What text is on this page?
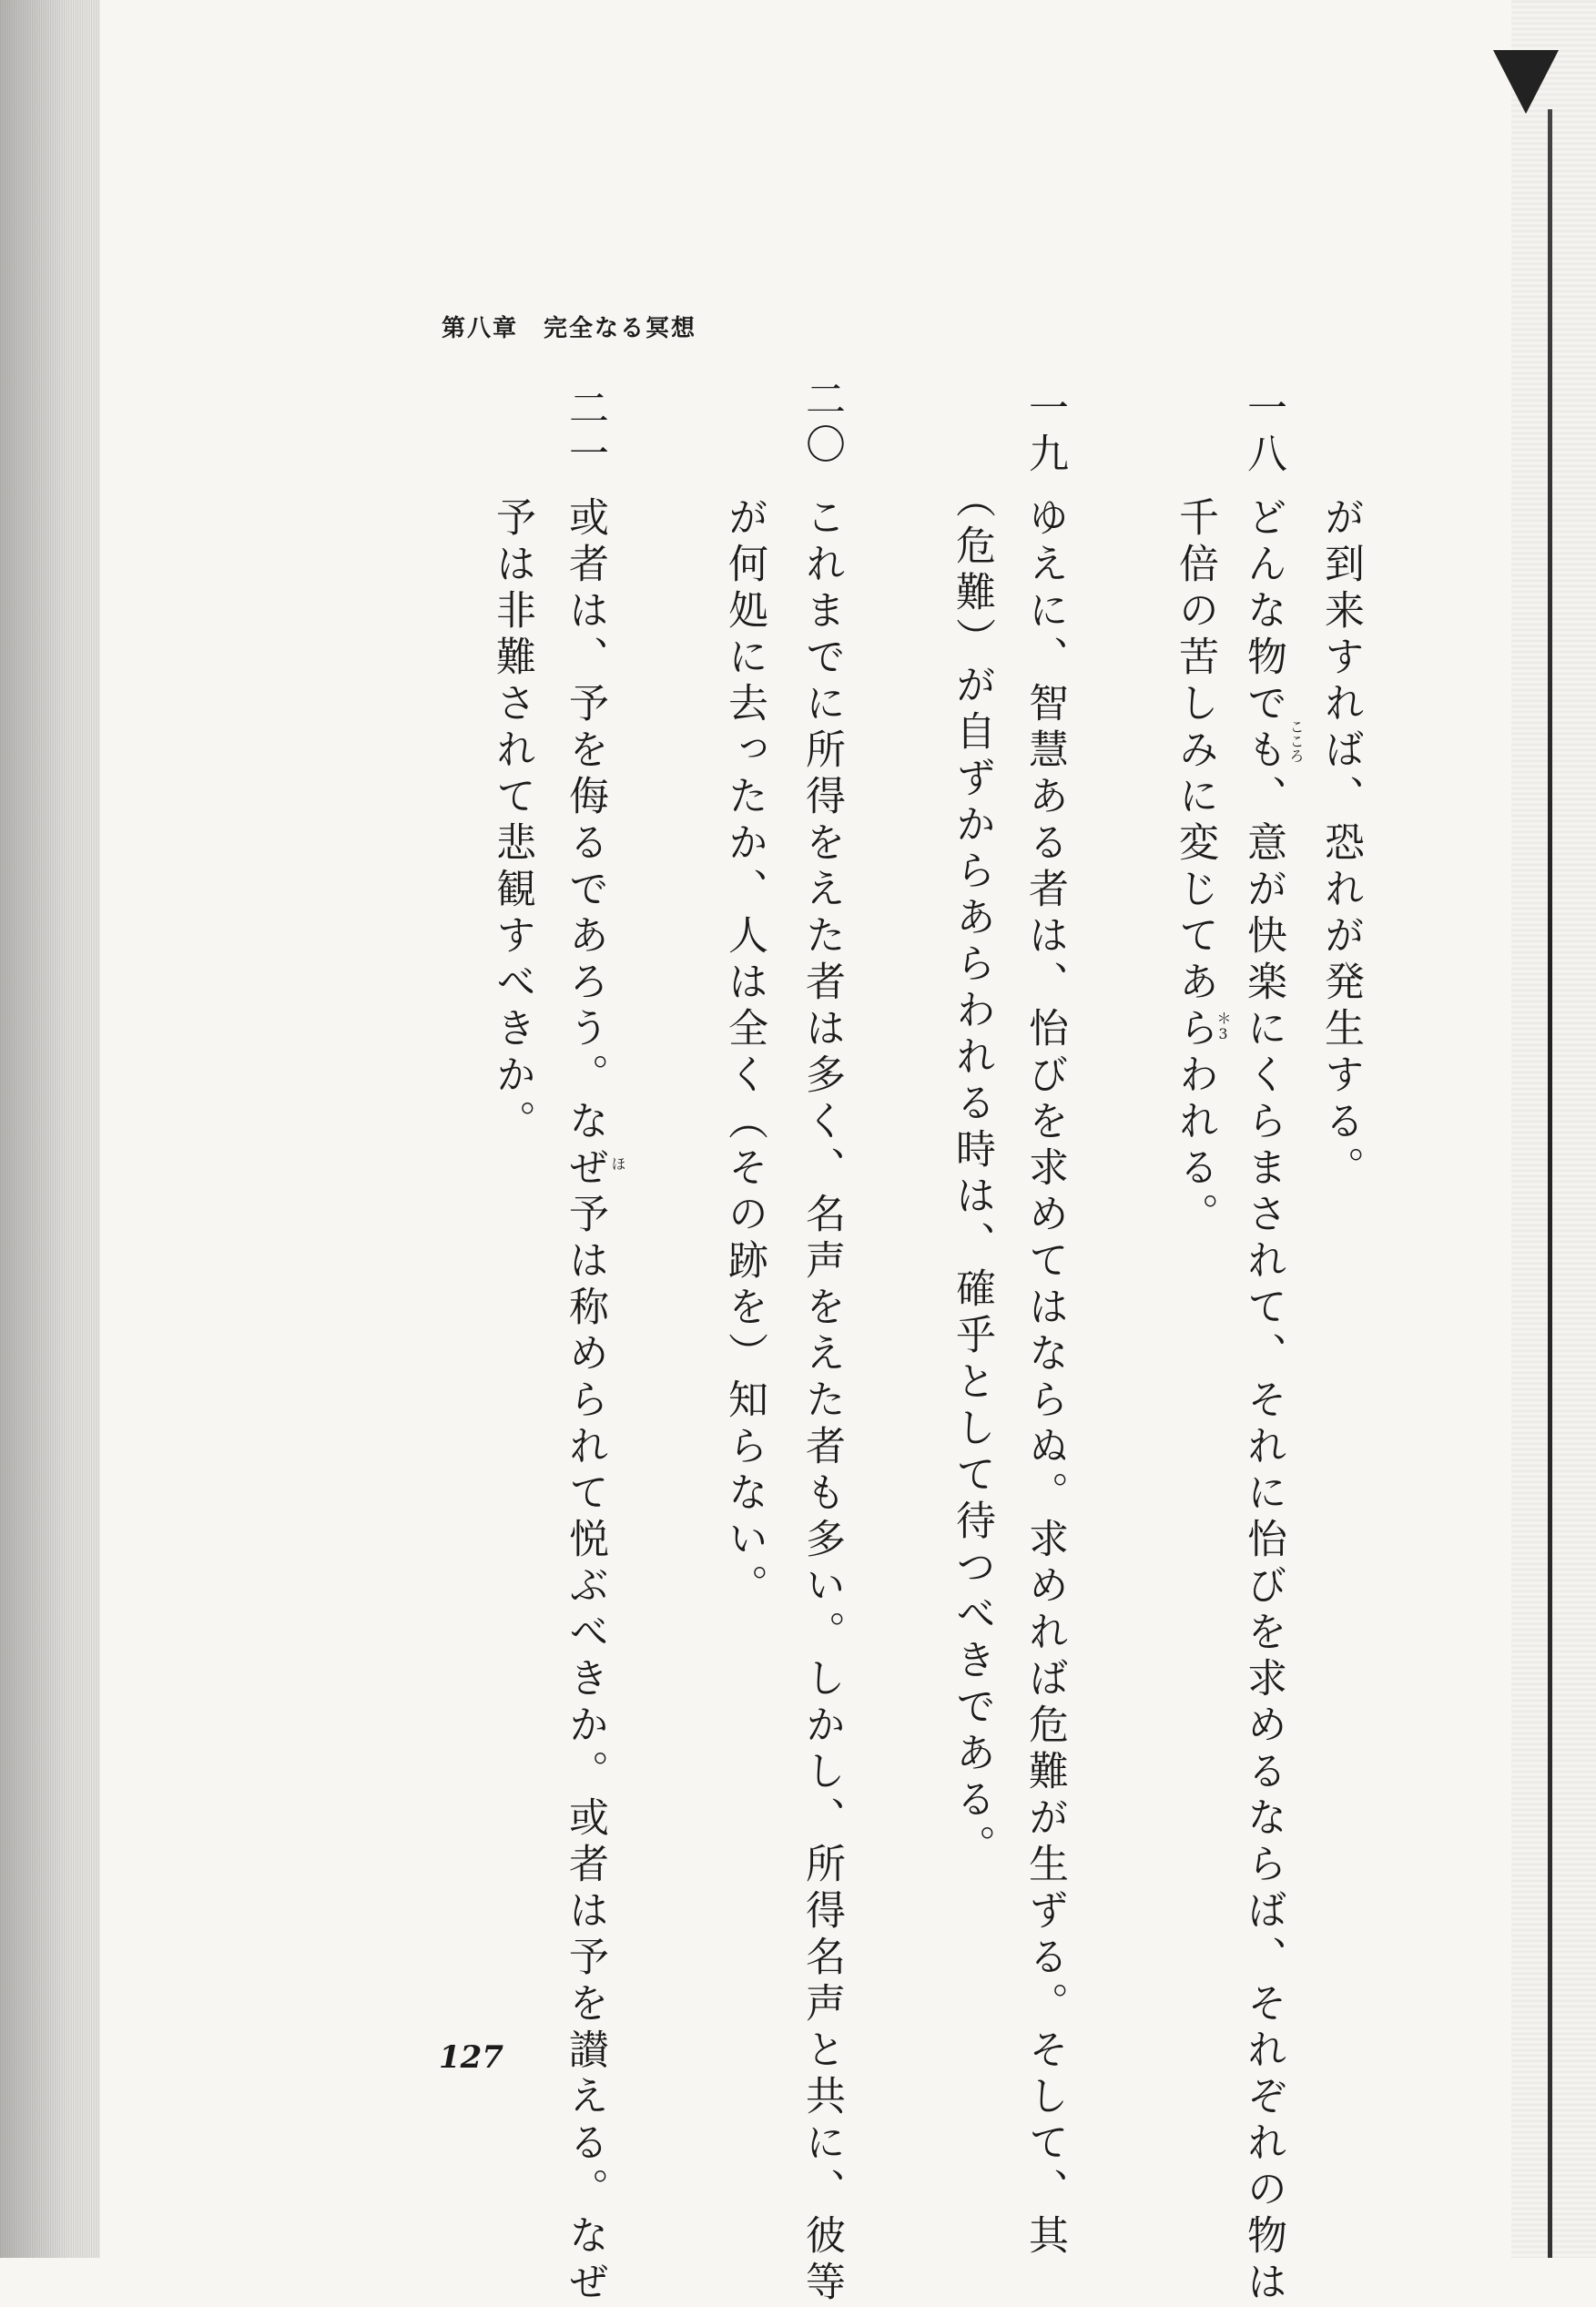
第八章　完全なる冥想
が到来すれば、恐れが発生する。
一八
どんな物でも、意が快楽にくらまされて、それに怡びを求めるならば、それぞれの物は
千倍の苦しみに変じてあらわれる。	こころ
＊3
一九
ゆえに、智慧ある者は、怡びを求めてはならぬ。求めれば危難が生ずる。そして、其
（危難）が自ずからあらわれる時は、確乎として待つべきである。
二〇
これまでに所得をえた者は多く、名声をえた者も多い。しかし、所得名声と共に、彼等
が何処に去ったか、人は全く（その跡を）知らない。
二一
或者は、予を侮るであろう。なぜ予は称められて悦ぶべきか。或者は予を讃える。なぜ
予は非難されて悲観すべきか。
ほ
127
